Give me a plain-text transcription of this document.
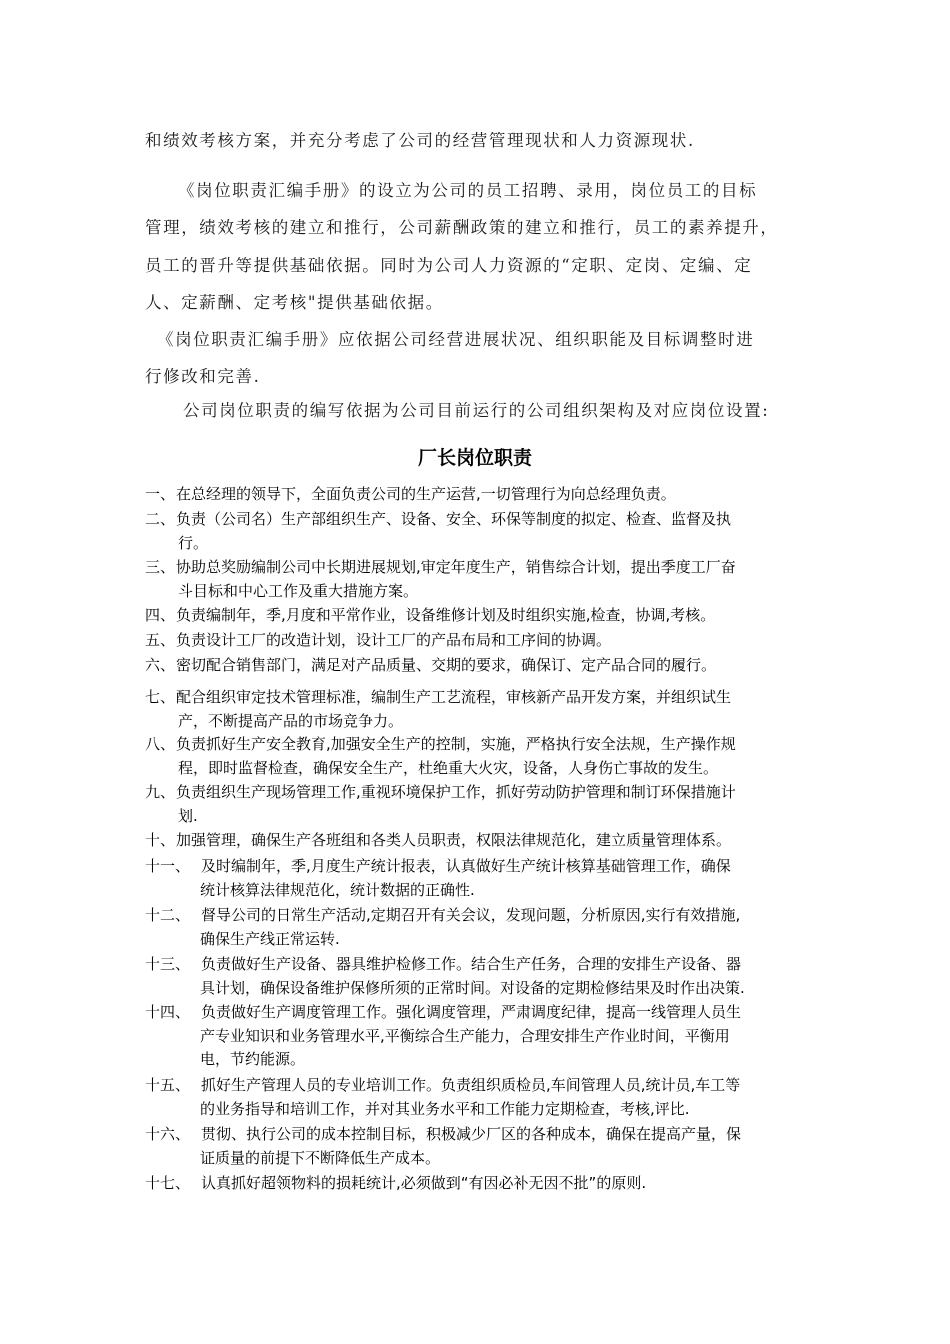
和绩效考核方案，并充分考虑了公司的经营管理现状和人力资源现状.
《岗位职责汇编手册》的设立为公司的员工招聘、录用，岗位员工的目标
管理，绩效考核的建立和推行，公司薪酬政策的建立和推行，员工的素养提升，
员工的晋升等提供基础依据。同时为公司人力资源的“定职、定岗、定编、定
人、定薪酬、定考核"提供基础依据。
《岗位职责汇编手册》应依据公司经营进展状况、组织职能及目标调整时进
行修改和完善.
公司岗位职责的编写依据为公司目前运行的公司组织架构及对应岗位设置:
厂长岗位职责
一、 在总经理的领导下，全面负责公司的生产运营,一切管理行为向总经理负责。
二、 负责（公司名）生产部组织生产、设备、安全、环保等制度的拟定、检查、监督及执
行。
三、 协助总奖励编制公司中长期进展规划,审定年度生产，销售综合计划，提出季度工厂奋
斗目标和中心工作及重大措施方案。
四、 负责编制年，季,月度和平常作业，设备维修计划及时组织实施,检查，协调,考核。
五、 负责设计工厂的改造计划，设计工厂的产品布局和工序间的协调。
六、 密切配合销售部门，满足对产品质量、交期的要求，确保订、定产品合同的履行。
七、 配合组织审定技术管理标准，编制生产工艺流程，审核新产品开发方案，并组织试生
产，不断提高产品的市场竞争力。
八、 负责抓好生产安全教育,加强安全生产的控制，实施，严格执行安全法规，生产操作规
程，即时监督检查，确保安全生产，杜绝重大火灾，设备，人身伤亡事故的发生。
九、 负责组织生产现场管理工作,重视环境保护工作，抓好劳动防护管理和制订环保措施计
划.
十、 加强管理，确保生产各班组和各类人员职责，权限法律规范化，建立质量管理体系。
十一、 及时编制年，季,月度生产统计报表，认真做好生产统计核算基础管理工作，确保
统计核算法律规范化，统计数据的正确性.
十二、 督导公司的日常生产活动,定期召开有关会议，发现问题，分析原因,实行有效措施,
确保生产线正常运转.
十三、 负责做好生产设备、器具维护检修工作。结合生产任务，合理的安排生产设备、器
具计划，确保设备维护保修所须的正常时间。对设备的定期检修结果及时作出决策.
十四、 负责做好生产调度管理工作。强化调度管理，严肃调度纪律，提高一线管理人员生
产专业知识和业务管理水平,平衡综合生产能力，合理安排生产作业时间，平衡用
电，节约能源。
十五、 抓好生产管理人员的专业培训工作。负责组织质检员,车间管理人员,统计员,车工等
的业务指导和培训工作，并对其业务水平和工作能力定期检查，考核,评比.
十六、 贯彻、执行公司的成本控制目标，积极减少厂区的各种成本，确保在提高产量，保
证质量的前提下不断降低生产成本。
十七、 认真抓好超领物料的损耗统计,必须做到“有因必补无因不批”的原则.
